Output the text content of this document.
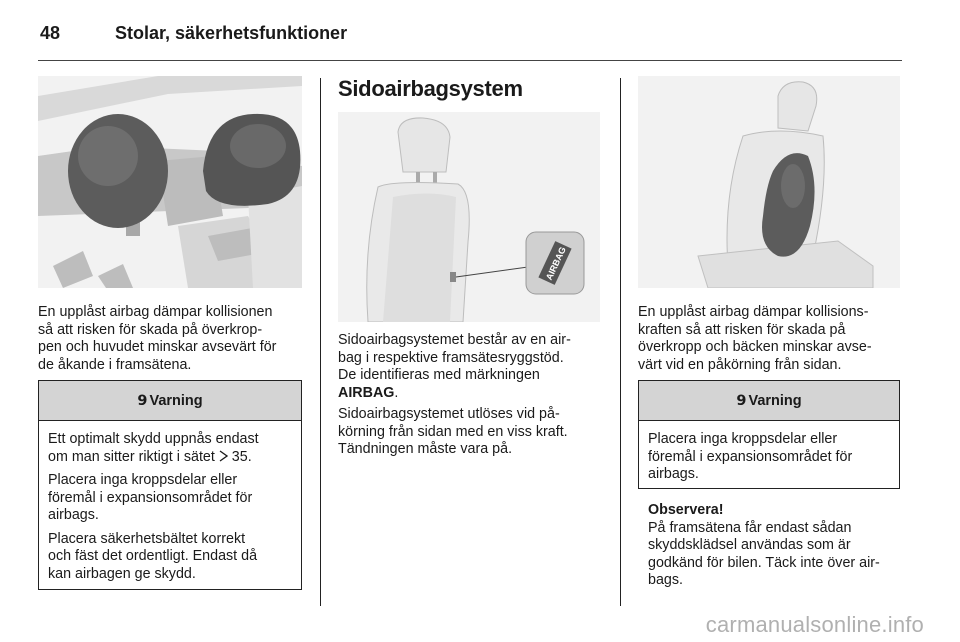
48	Stolar, säkerhetsfunktioner

En upplåst airbag dämpar kollisionen
så att risken för skada på överkrop-
pen och huvudet minskar avsevärt för
de åkande i framsätena.

9 Varning

Ett optimalt skydd uppnås endast
om man sitter riktigt i sätet  35.

Placera inga kroppsdelar eller
föremål i expansionsområdet för
airbags.

Placera säkerhetsbältet korrekt
och fäst det ordentligt. Endast då
kan airbagen ge skydd.

Sidoairbagsystem
AIRBAG

Sidoairbagsystemet består av en air-
bag i respektive framsätesryggstöd.
De identifieras med märkningen
AIRBAG.

Sidoairbagsystemet utlöses vid på-
körning från sidan med en viss kraft.
Tändningen måste vara på.

En upplåst airbag dämpar kollisions-
kraften så att risken för skada på
överkropp och bäcken minskar avse-
värt vid en påkörning från sidan.

9 Varning

Placera inga kroppsdelar eller
föremål i expansionsområdet för
airbags.

Observera!
På framsätena får endast sådan
skyddsklädsel användas som är
godkänd för bilen. Täck inte över air-
bags.

carmanualsonline.info
